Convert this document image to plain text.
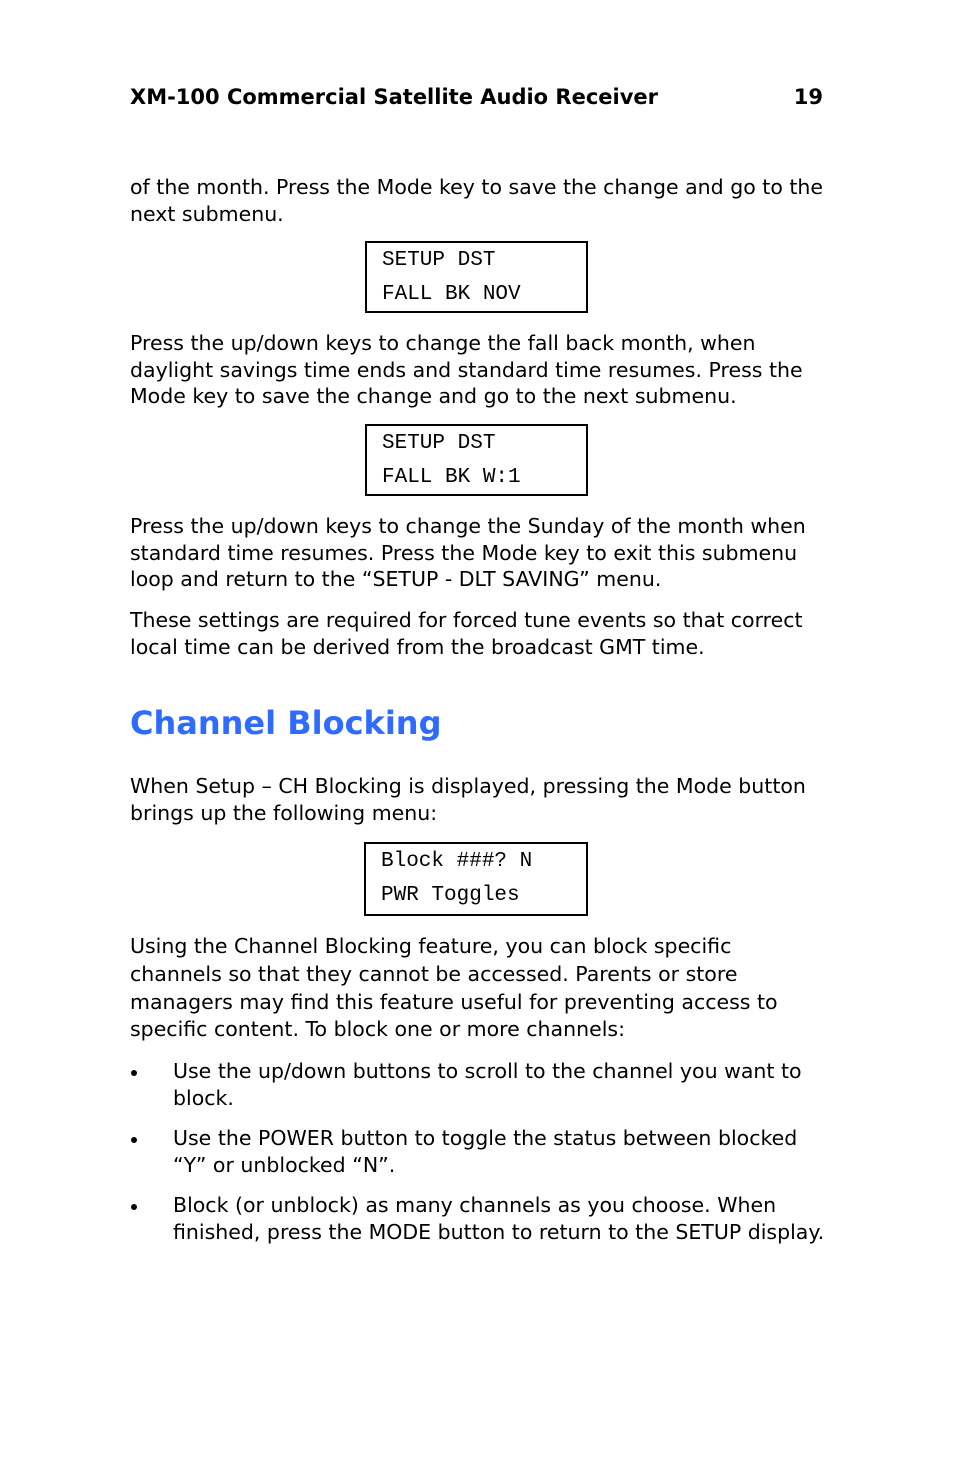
XM-100 Commercial Satellite Audio Receiver	19

of the month. Press the Mode key to save the change and go to the next submenu.

SETUP DST
FALL BK NOV

Press the up/down keys to change the fall back month, when daylight savings time ends and standard time resumes. Press the Mode key to save the change and go to the next submenu.

SETUP DST
FALL BK W:1

Press the up/down keys to change the Sunday of the month when standard time resumes. Press the Mode key to exit this submenu loop and return to the “SETUP - DLT SAVING” menu.

These settings are required for forced tune events so that correct local time can be derived from the broadcast GMT time.

Channel Blocking

When Setup – CH Blocking is displayed, pressing the Mode button brings up the following menu:

Block ###? N
PWR Toggles

Using the Channel Blocking feature, you can block specific channels so that they cannot be accessed. Parents or store managers may find this feature useful for preventing access to specific content. To block one or more channels:

Use the up/down buttons to scroll to the channel you want to block.
Use the POWER button to toggle the status between blocked “Y” or unblocked “N”.
Block (or unblock) as many channels as you choose. When finished, press the MODE button to return to the SETUP display.
